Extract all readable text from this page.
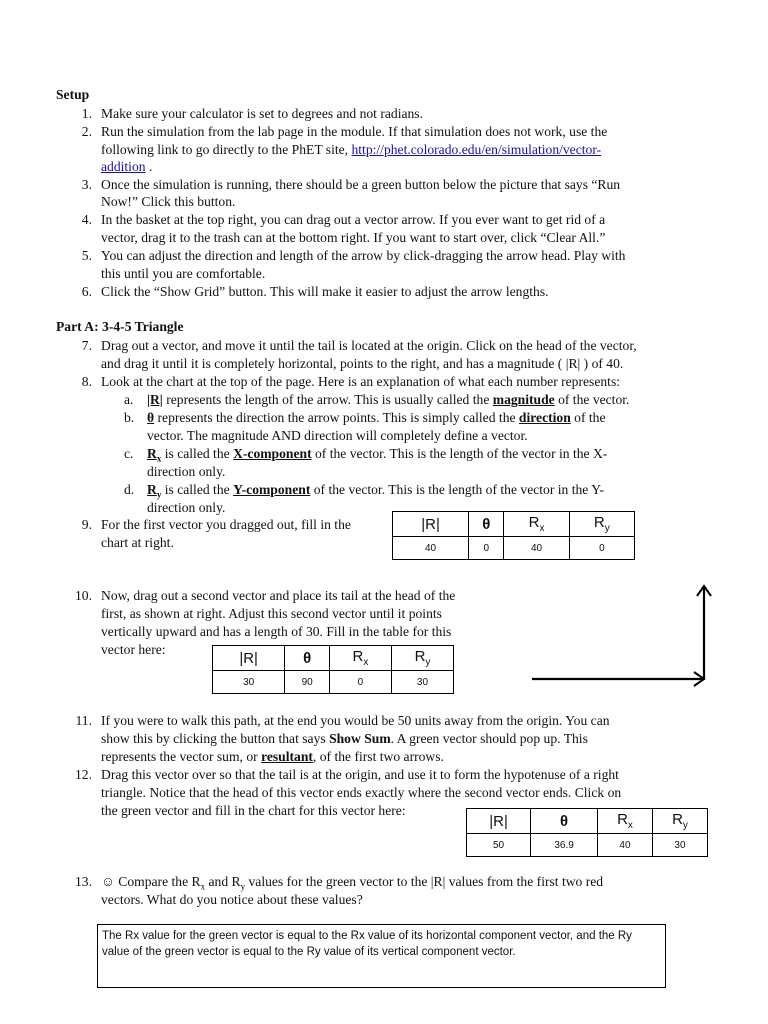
Setup
1. Make sure your calculator is set to degrees and not radians.
2. Run the simulation from the lab page in the module. If that simulation does not work, use the
following link to go directly to the PhET site, http://phet.colorado.edu/en/simulation/vector-
addition .
3. Once the simulation is running, there should be a green button below the picture that says “Run
Now!” Click this button.
4. In the basket at the top right, you can drag out a vector arrow. If you ever want to get rid of a
vector, drag it to the trash can at the bottom right. If you want to start over, click “Clear All.”
5. You can adjust the direction and length of the arrow by click-dragging the arrow head. Play with
this until you are comfortable.
6. Click the “Show Grid” button. This will make it easier to adjust the arrow lengths.
Part A: 3-4-5 Triangle
7. Drag out a vector, and move it until the tail is located at the origin. Click on the head of the vector,
and drag it until it is completely horizontal, points to the right, and has a magnitude ( |R| ) of 40.
8. Look at the chart at the top of the page. Here is an explanation of what each number represents:
a. |R| represents the length of the arrow. This is usually called the magnitude of the vector.
b. θ represents the direction the arrow points. This is simply called the direction of the
vector. The magnitude AND direction will completely define a vector.
c. $R_x$ is called the X-component of the vector. This is the length of the vector in the X-
direction only.
d. $R_y$ is called the Y-component of the vector. This is the length of the vector in the Y-
direction only.
9. For the first vector you dragged out, fill in the
chart at right.
|R|	θ	$R_x$	$R_y$
40	0	40	0
10. Now, drag out a second vector and place its tail at the head of the
first, as shown at right. Adjust this second vector until it points
vertically upward and has a length of 30. Fill in the table for this
vector here:	|R|	θ	$R_x$	$R_y$
30	90	0	30
11. If you were to walk this path, at the end you would be 50 units away from the origin. You can
show this by clicking the button that says Show Sum. A green vector should pop up. This
represents the vector sum, or resultant, of the first two arrows.
12. Drag this vector over so that the tail is at the origin, and use it to form the hypotenuse of a right
triangle. Notice that the head of this vector ends exactly where the second vector ends. Click on
the green vector and fill in the chart for this vector here:
|R|	θ	$R_x$	$R_y$
50	36.9	40	30
13. ☺ Compare the $R_x$ and $R_y$ values for the green vector to the |R| values from the first two red
vectors. What do you notice about these values?
The Rx value for the green vector is equal to the Rx value of its horizontal component vector, and the Ry value of the green vector is equal to the Ry value of its vertical component vector.
